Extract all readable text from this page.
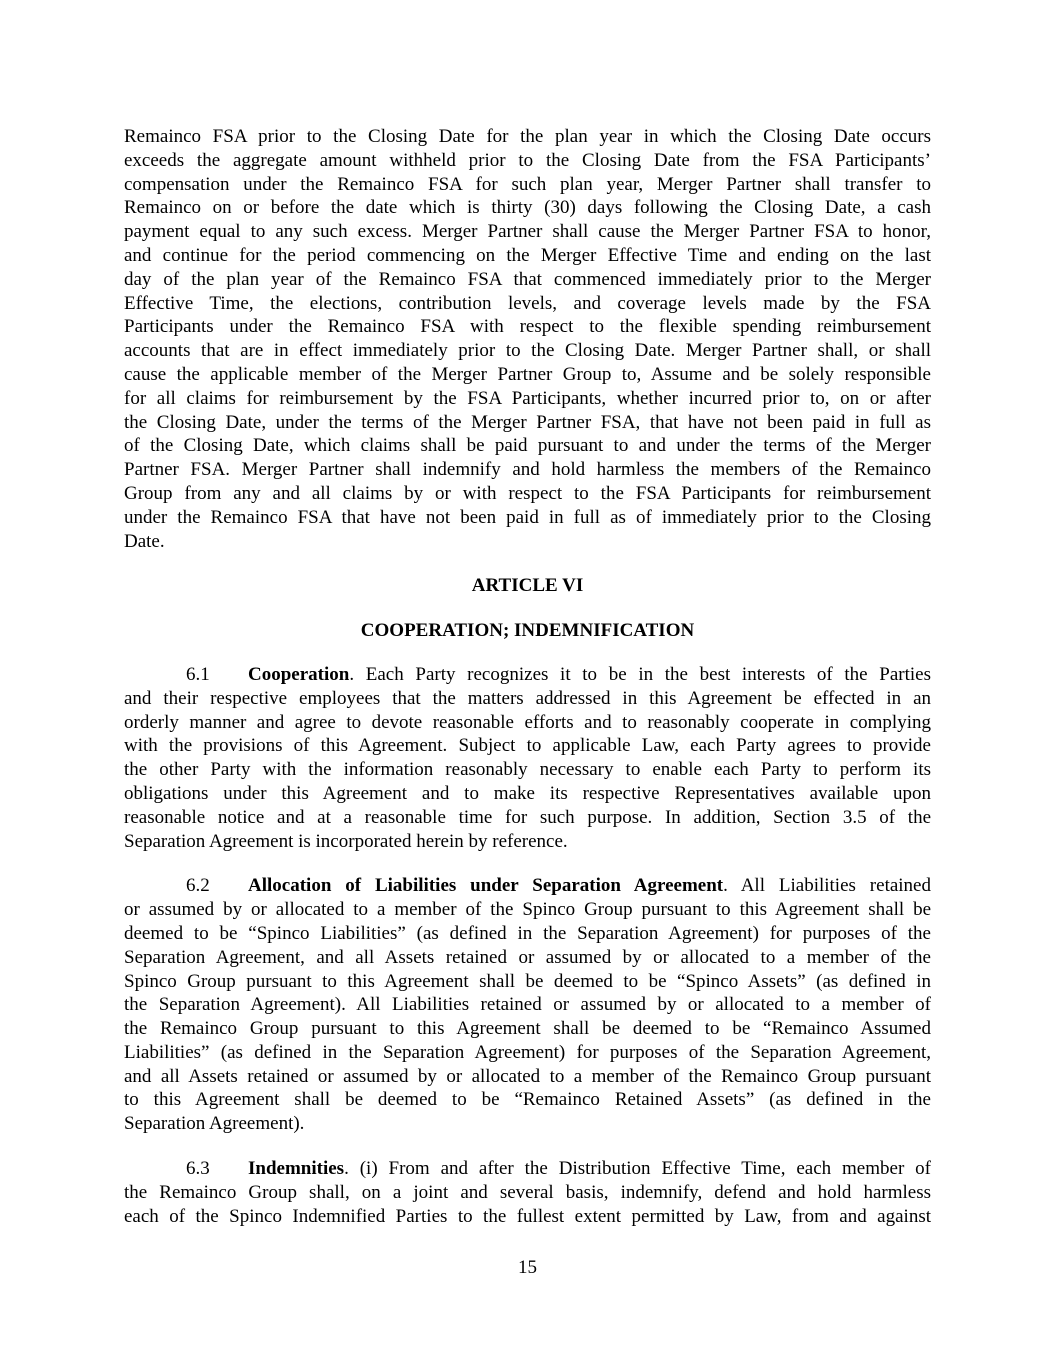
Remainco FSA prior to the Closing Date for the plan year in which the Closing Date occurs
exceeds the aggregate amount withheld prior to the Closing Date from the FSA Participants’
compensation under the Remainco FSA for such plan year, Merger Partner shall transfer to
Remainco on or before the date which is thirty (30) days following the Closing Date, a cash
payment equal to any such excess. Merger Partner shall cause the Merger Partner FSA to honor,
and continue for the period commencing on the Merger Effective Time and ending on the last
day of the plan year of the Remainco FSA that commenced immediately prior to the Merger
Effective Time, the elections, contribution levels, and coverage levels made by the FSA
Participants under the Remainco FSA with respect to the flexible spending reimbursement
accounts that are in effect immediately prior to the Closing Date. Merger Partner shall, or shall
cause the applicable member of the Merger Partner Group to, Assume and be solely responsible
for all claims for reimbursement by the FSA Participants, whether incurred prior to, on or after
the Closing Date, under the terms of the Merger Partner FSA, that have not been paid in full as
of the Closing Date, which claims shall be paid pursuant to and under the terms of the Merger
Partner FSA. Merger Partner shall indemnify and hold harmless the members of the Remainco
Group from any and all claims by or with respect to the FSA Participants for reimbursement
under the Remainco FSA that have not been paid in full as of immediately prior to the Closing
Date.
ARTICLE VI
COOPERATION; INDEMNIFICATION
6.1	Cooperation. Each Party recognizes it to be in the best interests of the Parties
and their respective employees that the matters addressed in this Agreement be effected in an
orderly manner and agree to devote reasonable efforts and to reasonably cooperate in complying
with the provisions of this Agreement. Subject to applicable Law, each Party agrees to provide
the other Party with the information reasonably necessary to enable each Party to perform its
obligations under this Agreement and to make its respective Representatives available upon
reasonable notice and at a reasonable time for such purpose. In addition, Section 3.5 of the
Separation Agreement is incorporated herein by reference.
6.2	Allocation of Liabilities under Separation Agreement. All Liabilities retained
or assumed by or allocated to a member of the Spinco Group pursuant to this Agreement shall be
deemed to be “Spinco Liabilities” (as defined in the Separation Agreement) for purposes of the
Separation Agreement, and all Assets retained or assumed by or allocated to a member of the
Spinco Group pursuant to this Agreement shall be deemed to be “Spinco Assets” (as defined in
the Separation Agreement). All Liabilities retained or assumed by or allocated to a member of
the Remainco Group pursuant to this Agreement shall be deemed to be “Remainco Assumed
Liabilities” (as defined in the Separation Agreement) for purposes of the Separation Agreement,
and all Assets retained or assumed by or allocated to a member of the Remainco Group pursuant
to this Agreement shall be deemed to be “Remainco Retained Assets” (as defined in the
Separation Agreement).
6.3	Indemnities. (i) From and after the Distribution Effective Time, each member of
the Remainco Group shall, on a joint and several basis, indemnify, defend and hold harmless
each of the Spinco Indemnified Parties to the fullest extent permitted by Law, from and against
15
